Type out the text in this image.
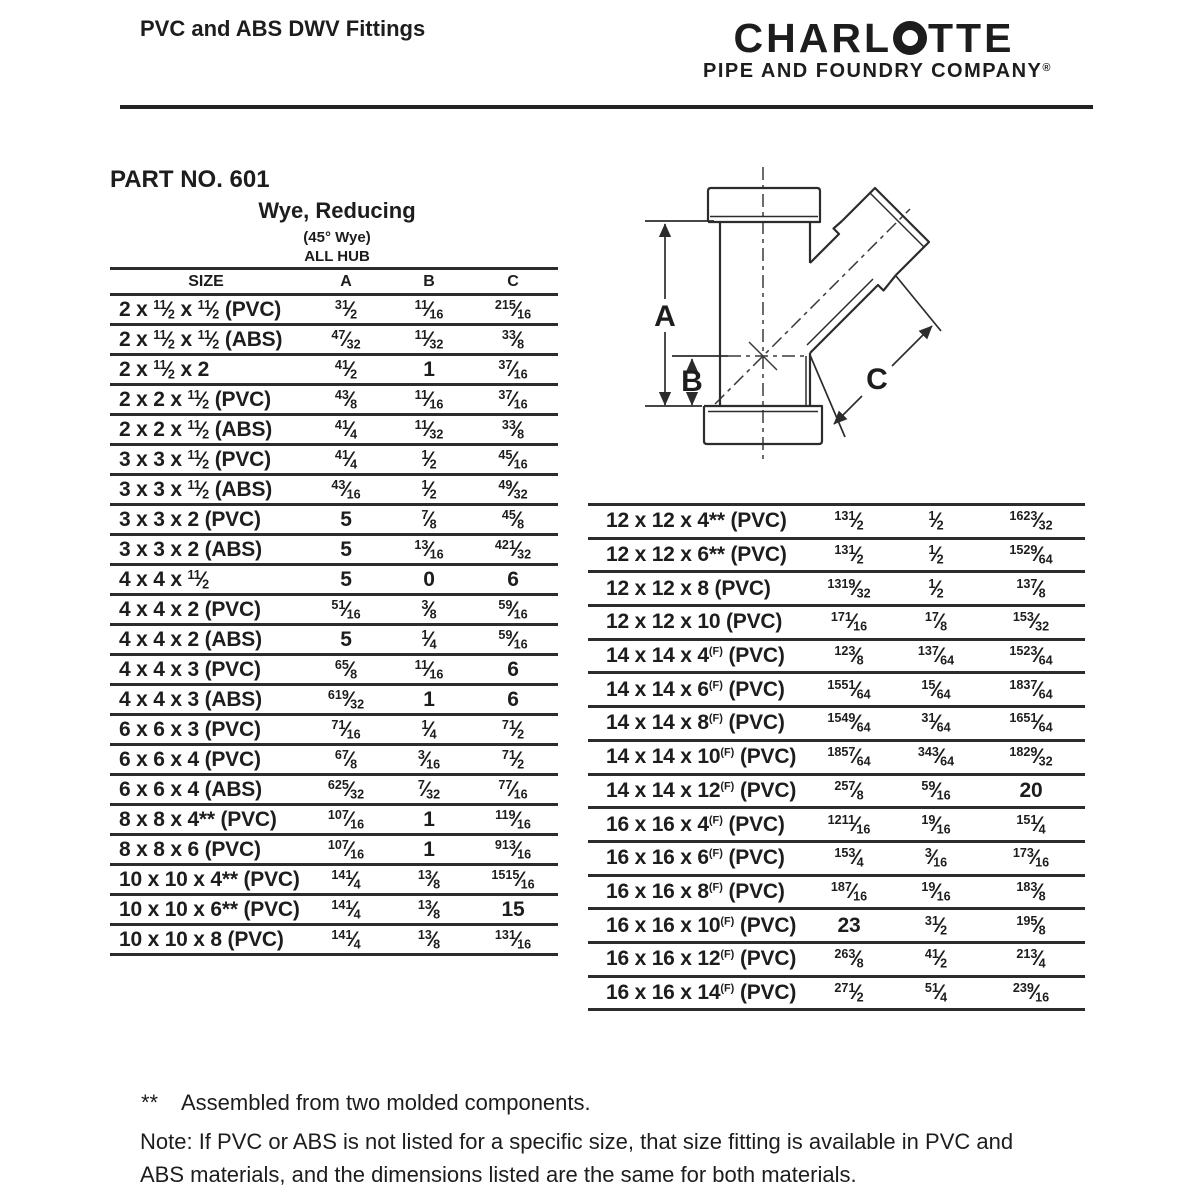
PVC and ABS DWV Fittings	CHARL TTE
PIPE AND FOUNDRY COMPANY®
PART NO. 601
Wye, Reducing
(45° Wye)
ALL HUB
SIZE	A	B	C
2 x $^{11}⁄_2$ x $^{11}⁄_2$ (PVC)	$^{31}⁄_2$	$^{11}⁄_{16}$	$^{215}⁄_{16}$
2 x $^{11}⁄_2$ x $^{11}⁄_2$ (ABS)	$^{47}⁄_{32}$	$^{11}⁄_{32}$	$^{33}⁄_8$
2 x $^{11}⁄_2$ x 2	$^{41}⁄_2$	1	$^{37}⁄_{16}$
2 x 2 x $^{11}⁄_2$ (PVC)	$^{43}⁄_8$	$^{11}⁄_{16}$	$^{37}⁄_{16}$
2 x 2 x $^{11}⁄_2$ (ABS)	$^{41}⁄_4$	$^{11}⁄_{32}$	$^{33}⁄_8$
3 x 3 x $^{11}⁄_2$ (PVC)	$^{41}⁄_4$	$^1⁄_2$	$^{45}⁄_{16}$
3 x 3 x $^{11}⁄_2$ (ABS)	$^{43}⁄_{16}$	$^1⁄_2$	$^{49}⁄_{32}$
3 x 3 x 2 (PVC)	5	$^7⁄_8$	$^{45}⁄_8$
3 x 3 x 2 (ABS)	5	$^{13}⁄_{16}$	$^{421}⁄_{32}$
4 x 4 x $^{11}⁄_2$	5	0	6
4 x 4 x 2 (PVC)	$^{51}⁄_{16}$	$^3⁄_8$	$^{59}⁄_{16}$
4 x 4 x 2 (ABS)	5	$^1⁄_4$	$^{59}⁄_{16}$
4 x 4 x 3 (PVC)	$^{65}⁄_8$	$^{11}⁄_{16}$	6
4 x 4 x 3 (ABS)	$^{619}⁄_{32}$	1	6
6 x 6 x 3 (PVC)	$^{71}⁄_{16}$	$^1⁄_4$	$^{71}⁄_2$
6 x 6 x 4 (PVC)	$^{67}⁄_8$	$^3⁄_{16}$	$^{71}⁄_2$
6 x 6 x 4 (ABS)	$^{625}⁄_{32}$	$^7⁄_{32}$	$^{77}⁄_{16}$
8 x 8 x 4** (PVC)	$^{107}⁄_{16}$	1	$^{119}⁄_{16}$
8 x 8 x 6 (PVC)	$^{107}⁄_{16}$	1	$^{913}⁄_{16}$
10 x 10 x 4** (PVC)	$^{141}⁄_4$	$^{13}⁄_8$	$^{1515}⁄_{16}$
10 x 10 x 6** (PVC)	$^{141}⁄_4$	$^{13}⁄_8$	15
10 x 10 x 8 (PVC)	$^{141}⁄_4$	$^{13}⁄_8$	$^{131}⁄_{16}$
12 x 12 x 4** (PVC)	$^{131}⁄_2$	$^1⁄_2$	$^{1623}⁄_{32}$
12 x 12 x 6** (PVC)	$^{131}⁄_2$	$^1⁄_2$	$^{1529}⁄_{64}$
12 x 12 x 8 (PVC)	$^{1319}⁄_{32}$	$^1⁄_2$	$^{137}⁄_8$
12 x 12 x 10 (PVC)	$^{171}⁄_{16}$	$^{17}⁄_8$	$^{153}⁄_{32}$
14 x 14 x $4^{(F)}$ (PVC)	$^{123}⁄_8$	$^{137}⁄_{64}$	$^{1523}⁄_{64}$
14 x 14 x $6^{(F)}$ (PVC)	$^{1551}⁄_{64}$	$^{15}⁄_{64}$	$^{1837}⁄_{64}$
14 x 14 x $8^{(F)}$ (PVC)	$^{1549}⁄_{64}$	$^{31}⁄_{64}$	$^{1651}⁄_{64}$
14 x 14 x $10^{(F)}$ (PVC)	$^{1857}⁄_{64}$	$^{343}⁄_{64}$	$^{1829}⁄_{32}$
14 x 14 x $12^{(F)}$ (PVC)	$^{257}⁄_8$	$^{59}⁄_{16}$	20
16 x 16 x $4^{(F)}$ (PVC)	$^{1211}⁄_{16}$	$^{19}⁄_{16}$	$^{151}⁄_4$
16 x 16 x $6^{(F)}$ (PVC)	$^{153}⁄_4$	$^3⁄_{16}$	$^{173}⁄_{16}$
16 x 16 x $8^{(F)}$ (PVC)	$^{187}⁄_{16}$	$^{19}⁄_{16}$	$^{183}⁄_8$
16 x 16 x $10^{(F)}$ (PVC)	23	$^{31}⁄_2$	$^{195}⁄_8$
16 x 16 x $12^{(F)}$ (PVC)	$^{263}⁄_8$	$^{41}⁄_2$	$^{213}⁄_4$
16 x 16 x $14^{(F)}$ (PVC)	$^{271}⁄_2$	$^{51}⁄_4$	$^{239}⁄_{16}$
A
B	C
** Assembled from two molded components.
Note: If PVC or ABS is not listed for a specific size, that size fitting is available in PVC and
ABS materials, and the dimensions listed are the same for both materials.
